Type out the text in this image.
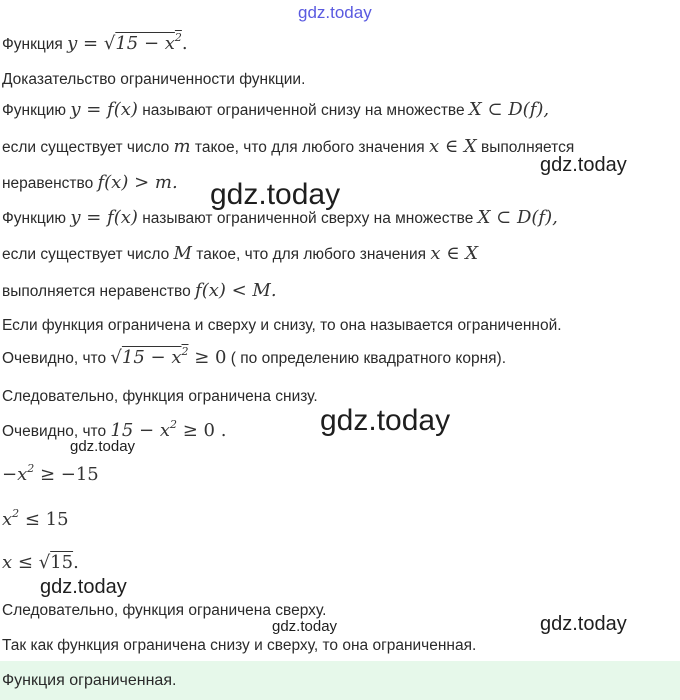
gdz.today
gdz.today
gdz.today
gdz.today
gdz.today
gdz.today
gdz.today	gdz.today
Функция $y = √15 - x^2$.
Доказательство ограниченности функции.
Функцию y = f(x) называют ограниченной снизу на множестве X ⊂ D(f),
если существует число m такое, что для любого значения x ∈ X выполняется
неравенство f(x) > m.
Функцию y = f(x) называют ограниченной сверху на множестве X ⊂ D(f),
если существует число M такое, что для любого значения x ∈ X
выполняется неравенство f(x) < M.
Если функция ограничена и сверху и снизу, то она называется ограниченной.
Очевидно, что $√15 - x^2 \ge 0$ ( по определению квадратного корня).
Следовательно, функция ограничена снизу.
Очевидно, что $15 - x^2 \ge 0$ .
$-x^2 \ge -15$
$x^2 \le 15$
x ≤ √15.
Следовательно, функция ограничена сверху.
Так как функция ограничена снизу и сверху, то она ограниченная.
Функция ограниченная.
